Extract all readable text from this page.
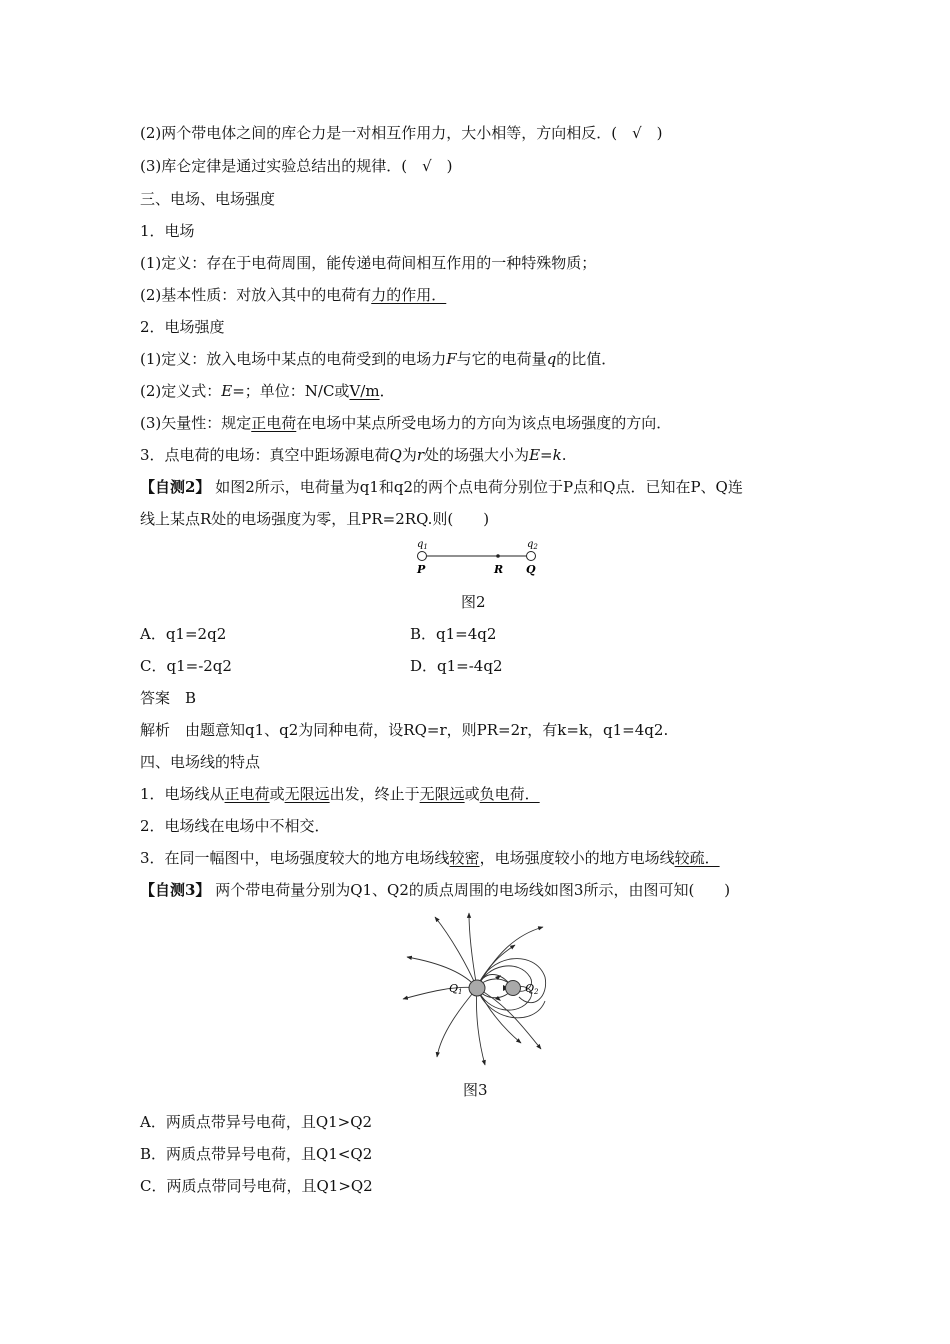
(2)两个带电体之间的库仑力是一对相互作用力，大小相等，方向相反．(　√　)
(3)库仑定律是通过实验总结出的规律．(　√　)
三、电场、电场强度
1．电场
(1)定义：存在于电荷周围，能传递电荷间相互作用的一种特殊物质；
(2)基本性质：对放入其中的电荷有力的作用．
2．电场强度
(1)定义：放入电场中某点的电荷受到的电场力F与它的电荷量q的比值．
(2)定义式：E=；单位：N/C或V/m．
(3)矢量性：规定正电荷在电场中某点所受电场力的方向为该点电场强度的方向．
3．点电荷的电场：真空中距场源电荷Q为r处的场强大小为E=k.
【自测2】 如图2所示，电荷量为q1和q2的两个点电荷分别位于P点和Q点．已知在P、Q连
线上某点R处的电场强度为零，且PR=2RQ.则(　　)
$q_1$	$q_2$
P	R Q
图2
A．q1=2q2	B．q1=4q2
C．q1=-2q2	D．q1=-4q2
答案　B
解析　由题意知q1、q2为同种电荷，设RQ=r，则PR=2r，有k=k，q1=4q2.
四、电场线的特点
1．电场线从正电荷或无限远出发，终止于无限远或负电荷．
2．电场线在电场中不相交．
3．在同一幅图中，电场强度较大的地方电场线较密，电场强度较小的地方电场线较疏．
【自测3】 两个带电荷量分别为Q1、Q2的质点周围的电场线如图3所示，由图可知(　　)
Q1	Q2
图3
A．两质点带异号电荷，且Q1>Q2
B．两质点带异号电荷，且Q1<Q2
C．两质点带同号电荷，且Q1>Q2
